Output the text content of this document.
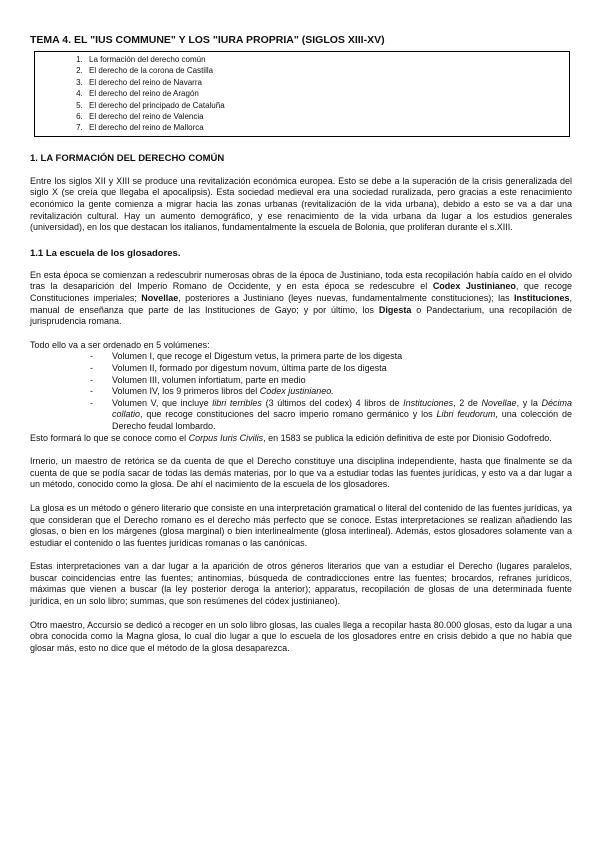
TEMA 4. EL "IUS COMMUNE" Y LOS "IURA PROPRIA" (SIGLOS XIII-XV)
1. La formación del derecho común
2. El derecho de la corona de Castilla
3. El derecho del reino de Navarra
4. El derecho del reino de Aragón
5. El derecho del principado de Cataluña
6. El derecho del reino de Valencia
7. El derecho del reino de Mallorca
1. LA FORMACIÓN DEL DERECHO COMÚN

Entre los siglos XII y XIII se produce una revitalización económica europea. Esto se debe a la superación de la crisis generalizada del siglo X (se creía que llegaba el apocalipsis). Esta sociedad medieval era una sociedad ruralizada, pero gracias a este renacimiento económico la gente comienza a migrar hacia las zonas urbanas (revitalización de la vida urbana), debido a esto se va a dar una revitalización cultural. Hay un aumento demográfico, y ese renacimiento de la vida urbana da lugar a los estudios generales (universidad), en los que destacan los italianos, fundamentalmente la escuela de Bolonia, que proliferan durante el s.XIII.

1.1 La escuela de los glosadores.

En esta época se comienzan a redescubrir numerosas obras de la época de Justiniano, toda esta recopilación había caído en el olvido tras la desaparición del Imperio Romano de Occidente, y en esta época se redescubre el Codex Justinianeo, que recoge Constituciones imperiales; Novellae, posteriores a Justiniano (leyes nuevas, fundamentalmente constituciones); las Instituciones, manual de enseñanza que parte de las Instituciones de Gayo; y por último, los Digesta o Pandectarium, una recopilación de jurisprudencia romana.

Todo ello va a ser ordenado en 5 volúmenes:

- Volumen I, que recoge el Digestum vetus, la primera parte de los digesta
- Volumen II, formado por digestum novum, última parte de los digesta
- Volumen III, volumen infortiatum, parte en medio
- Volumen IV, los 9 primeros libros del Codex justinianeo.
- Volumen V, que incluye libri terribles (3 últimos del codex) 4 libros de Instituciones, 2 de Novellae, y la Décima collatio, que recoge constituciones del sacro imperio romano germánico y los Libri feudorum, una colección de Derecho feudal lombardo.

Esto formará lo que se conoce como el Corpus Iuris Civilis, en 1583 se publica la edición definitiva de este por Dionisio Godofredo.

Irnerio, un maestro de retórica se da cuenta de que el Derecho constituye una disciplina independiente, hasta que finalmente se da cuenta de que se podía sacar de todas las demás materias, por lo que va a estudiar todas las fuentes jurídicas, y esto va a dar lugar a un método, conocido como la glosa. De ahí el nacimiento de la escuela de los glosadores.

La glosa es un método o género literario que consiste en una interpretación gramatical o literal del contenido de las fuentes jurídicas, ya que consideran que el Derecho romano es el derecho más perfecto que se conoce. Estas interpretaciones se realizan añadiendo las glosas, o bien en los márgenes (glosa marginal) o bien interlinealmente (glosa interlineal). Además, estos glosadores solamente van a estudiar el contenido o las fuentes jurídicas romanas o las canónicas.

Estas interpretaciones van a dar lugar a la aparición de otros géneros literarios que van a estudiar el Derecho (lugares paralelos, buscar coincidencias entre las fuentes; antinomias, búsqueda de contradicciones entre las fuentes; brocardos, refranes jurídicos, máximas que vienen a buscar (la ley posterior deroga la anterior); apparatus, recopilación de glosas de una determinada fuente jurídica, en un solo libro; summas, que son resúmenes del códex justinianeo).

Otro maestro, Accursio se dedicó a recoger en un solo libro glosas, las cuales llega a recopilar hasta 80.000 glosas, esto da lugar a una obra conocida como la Magna glosa, lo cual dio lugar a que lo escuela de los glosadores entre en crisis debido a que no había que glosar más, esto no dice que el método de la glosa desaparezca.
